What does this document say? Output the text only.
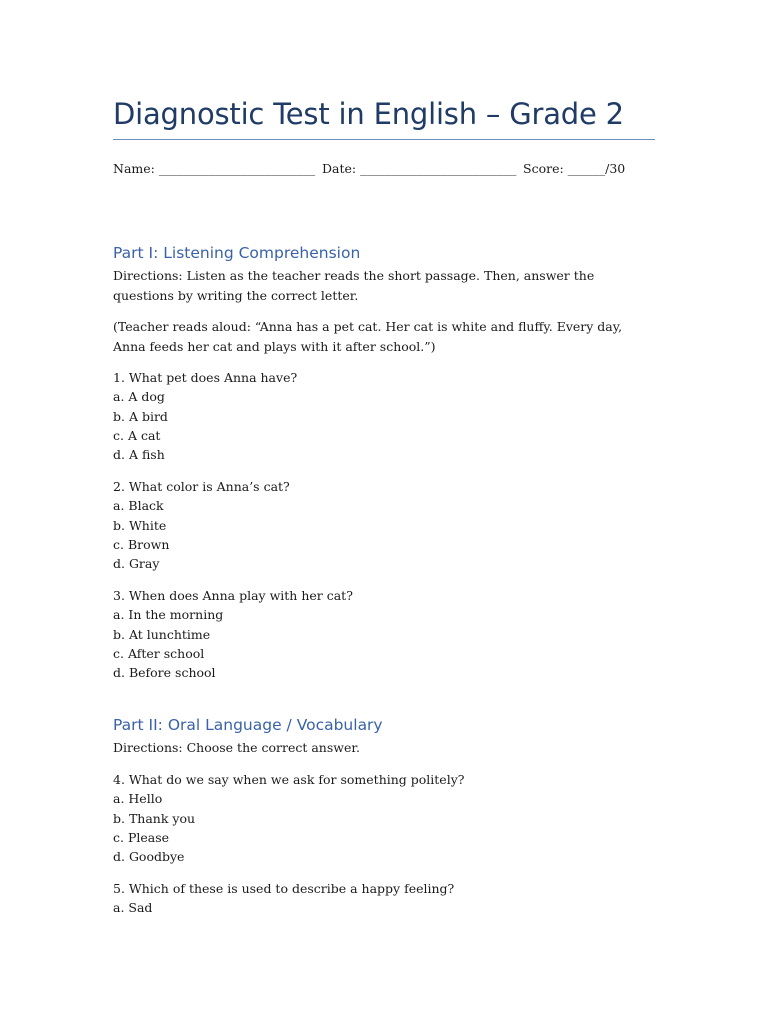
Diagnostic Test in English – Grade 2
Name: _________________________ Date: _________________________ Score: ______/30
Part I: Listening Comprehension

Directions: Listen as the teacher reads the short passage. Then, answer the questions by writing the correct letter.

(Teacher reads aloud: “Anna has a pet cat. Her cat is white and fluffy. Every day, Anna feeds her cat and plays with it after school.”)

1. What pet does Anna have?
a. A dog
b. A bird
c. A cat
d. A fish
2. What color is Anna’s cat?
a. Black
b. White
c. Brown
d. Gray
3. When does Anna play with her cat?
a. In the morning
b. At lunchtime
c. After school
d. Before school
Part II: Oral Language / Vocabulary

Directions: Choose the correct answer.

4. What do we say when we ask for something politely?
a. Hello
b. Thank you
c. Please
d. Goodbye
5. Which of these is used to describe a happy feeling?
a. Sad
